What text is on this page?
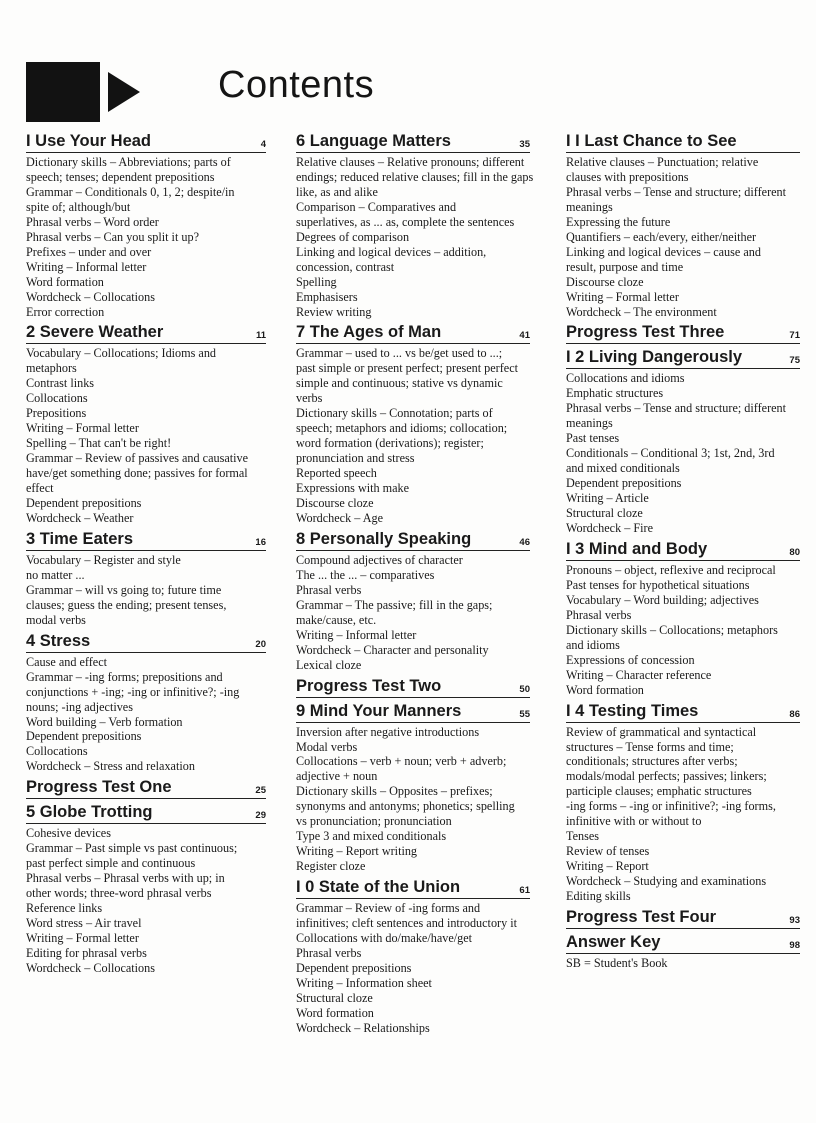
Contents
I Use Your Head	4
Dictionary skills – Abbreviations; parts of
speech; tenses; dependent prepositions
Grammar – Conditionals 0, 1, 2; despite/in
spite of; although/but
Phrasal verbs – Word order
Phrasal verbs – Can you split it up?
Prefixes – under and over
Writing – Informal letter
Word formation
Wordcheck – Collocations
Error correction
2 Severe Weather	11
Vocabulary – Collocations; Idioms and
metaphors
Contrast links
Collocations
Prepositions
Writing – Formal letter
Spelling – That can't be right!
Grammar – Review of passives and causative
have/get something done; passives for formal
effect
Dependent prepositions
Wordcheck – Weather
3 Time Eaters	16
Vocabulary – Register and style
no matter ...
Grammar – will vs going to; future time
clauses; guess the ending; present tenses,
modal verbs
4 Stress	20
Cause and effect
Grammar – -ing forms; prepositions and
conjunctions + -ing; -ing or infinitive?; -ing
nouns; -ing adjectives
Word building – Verb formation
Dependent prepositions
Collocations
Wordcheck – Stress and relaxation
Progress Test One	25
5 Globe Trotting	29
Cohesive devices
Grammar – Past simple vs past continuous;
past perfect simple and continuous
Phrasal verbs – Phrasal verbs with up; in
other words; three-word phrasal verbs
Reference links
Word stress – Air travel
Writing – Formal letter
Editing for phrasal verbs
Wordcheck – Collocations
6 Language Matters	35
Relative clauses – Relative pronouns; different
endings; reduced relative clauses; fill in the gaps
like, as and alike
Comparison – Comparatives and
superlatives, as ... as, complete the sentences
Degrees of comparison
Linking and logical devices – addition,
concession, contrast
Spelling
Emphasisers
Review writing
7 The Ages of Man	41
Grammar – used to ... vs be/get used to ...;
past simple or present perfect; present perfect
simple and continuous; stative vs dynamic
verbs
Dictionary skills – Connotation; parts of
speech; metaphors and idioms; collocation;
word formation (derivations); register;
pronunciation and stress
Reported speech
Expressions with make
Discourse cloze
Wordcheck – Age
8 Personally Speaking	46
Compound adjectives of character
The ... the ... – comparatives
Phrasal verbs
Grammar – The passive; fill in the gaps;
make/cause, etc.
Writing – Informal letter
Wordcheck – Character and personality
Lexical cloze
Progress Test Two	50
9 Mind Your Manners	55
Inversion after negative introductions
Modal verbs
Collocations – verb + noun; verb + adverb;
adjective + noun
Dictionary skills – Opposites – prefixes;
synonyms and antonyms; phonetics; spelling
vs pronunciation; pronunciation
Type 3 and mixed conditionals
Writing – Report writing
Register cloze
I 0 State of the Union	61
Grammar – Review of -ing forms and
infinitives; cleft sentences and introductory it
Collocations with do/make/have/get
Phrasal verbs
Dependent prepositions
Writing – Information sheet
Structural cloze
Word formation
Wordcheck – Relationships
I I Last Chance to See
Relative clauses – Punctuation; relative
clauses with prepositions
Phrasal verbs – Tense and structure; different
meanings
Expressing the future
Quantifiers – each/every, either/neither
Linking and logical devices – cause and
result, purpose and time
Discourse cloze
Writing – Formal letter
Wordcheck – The environment
Progress Test Three	71
I 2 Living Dangerously	75
Collocations and idioms
Emphatic structures
Phrasal verbs – Tense and structure; different
meanings
Past tenses
Conditionals – Conditional 3; 1st, 2nd, 3rd
and mixed conditionals
Dependent prepositions
Writing – Article
Structural cloze
Wordcheck – Fire
I 3 Mind and Body	80
Pronouns – object, reflexive and reciprocal
Past tenses for hypothetical situations
Vocabulary – Word building; adjectives
Phrasal verbs
Dictionary skills – Collocations; metaphors
and idioms
Expressions of concession
Writing – Character reference
Word formation
I 4 Testing Times	86
Review of grammatical and syntactical
structures – Tense forms and time;
conditionals; structures after verbs;
modals/modal perfects; passives; linkers;
participle clauses; emphatic structures
-ing forms – -ing or infinitive?; -ing forms,
infinitive with or without to
Tenses
Review of tenses
Writing – Report
Wordcheck – Studying and examinations
Editing skills
Progress Test Four	93
Answer Key	98
SB = Student's Book
